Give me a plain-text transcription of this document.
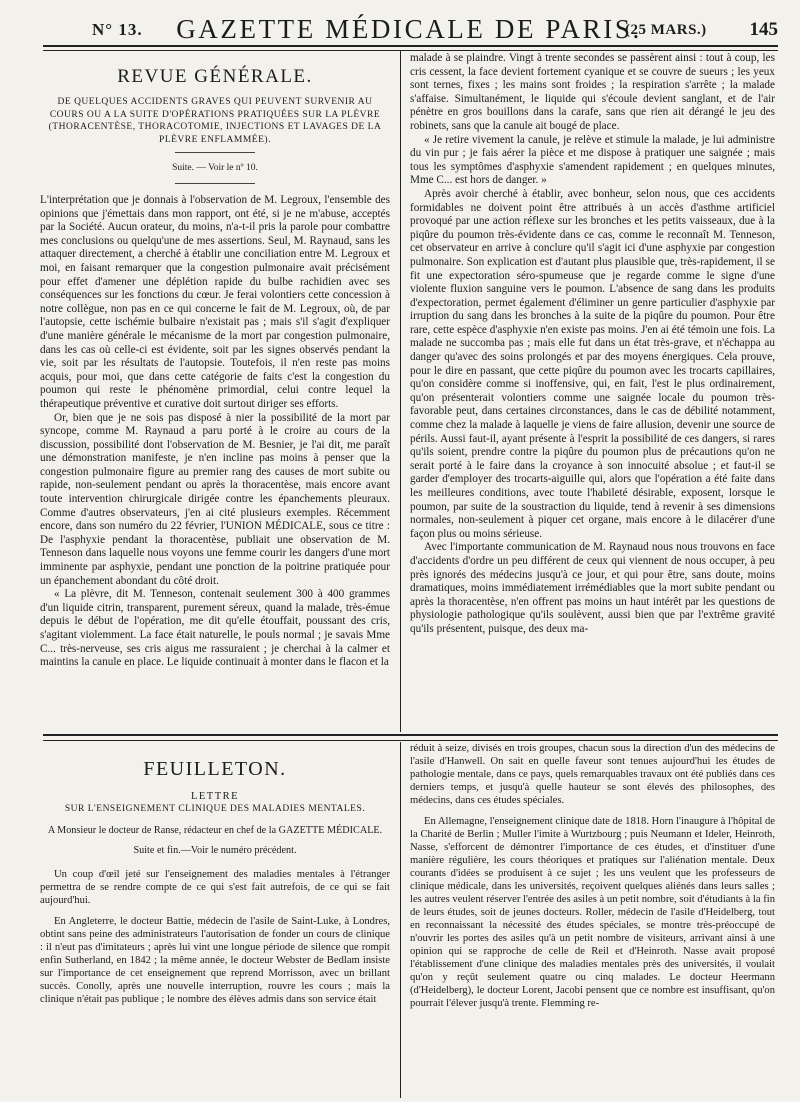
N° 13.	GAZETTE MÉDICALE DE PARIS.
(25 MARS.) 145
REVUE GÉNÉRALE.
DE QUELQUES ACCIDENTS GRAVES QUI PEUVENT SURVENIR AU COURS OU A LA SUITE D'OPÉRATIONS PRATIQUÉES SUR LA PLÈVRE (THORACENTÈSE, THORACOTOMIE, INJECTIONS ET LAVAGES DE LA PLÈVRE ENFLAMMÉE).
Suite. — Voir le nº 10.

L'interprétation que je donnais à l'observation de M. Legroux, l'ensemble des opinions que j'émettais dans mon rapport, ont été, si je ne m'abuse, acceptés par la Société. Aucun orateur, du moins, n'a-t-il pris la parole pour combattre mes conclusions ou quelqu'une de mes assertions. Seul, M. Raynaud, sans les attaquer directement, a cherché à établir une conciliation entre M. Legroux et moi, en faisant remarquer que la congestion pulmonaire avait précisément pour effet d'amener une déplétion rapide du bulbe rachidien avec ses conséquences sur les fonctions du cœur. Je ferai volontiers cette concession à notre collègue, non pas en ce qui concerne le fait de M. Legroux, où, de par l'autopsie, cette ischémie bulbaire n'existait pas ; mais s'il s'agit d'expliquer d'une manière générale le mécanisme de la mort par congestion pulmonaire, dans les cas où celle-ci est évidente, soit par les signes observés pendant la vie, soit par les résultats de l'autopsie. Toutefois, il n'en reste pas moins acquis, pour moi, que dans cette catégorie de faits c'est la congestion du poumon qui reste le phénomène primordial, celui contre lequel la thérapeutique préventive et curative doit surtout diriger ses efforts.

Or, bien que je ne sois pas disposé à nier la possibilité de la mort par syncope, comme M. Raynaud a paru porté à le croire au cours de la discussion, possibilité dont l'observation de M. Besnier, je l'ai dit, me paraît une démonstration manifeste, je n'en incline pas moins à penser que la congestion pulmonaire figure au premier rang des causes de mort subite ou rapide, non-seulement pendant ou après la thoracentèse, mais encore avant toute intervention chirurgicale dirigée contre les épanchements pleuraux. Comme d'autres observateurs, j'en ai cité plusieurs exemples. Récemment encore, dans son numéro du 22 février, l'UNION MÉDICALE, sous ce titre : De l'asphyxie pendant la thoracentèse, publiait une observation de M. Tenneson dans laquelle nous voyons une femme courir les dangers d'une mort imminente par asphyxie, pendant une ponction de la poitrine pratiquée pour un épanchement abondant du côté droit.

« La plèvre, dit M. Tenneson, contenait seulement 300 à 400 grammes d'un liquide citrin, transparent, purement séreux, quand la malade, très-émue depuis le début de l'opération, me dit qu'elle étouffait, poussant des cris, s'agitant violemment. La face était naturelle, le pouls normal ; je savais Mme C... très-nerveuse, ses cris aigus me rassuraient ; je cherchai à la calmer et maintins la canule en place. Le liquide continuait à monter dans le flacon et la

malade à se plaindre. Vingt à trente secondes se passèrent ainsi : tout à coup, les cris cessent, la face devient fortement cyanique et se couvre de sueurs ; les yeux sont ternes, fixes ; les mains sont froides ; la respiration s'arrête ; la malade s'affaise. Simultanément, le liquide qui s'écoule devient sanglant, et de l'air pénètre en gros bouillons dans la carafe, sans que rien ait dérangé le jeu des robinets, sans que la canule ait bougé de place.

« Je retire vivement la canule, je relève et stimule la malade, je lui administre du vin pur ; je fais aérer la pièce et me dispose à pratiquer une saignée ; mais tous les symptômes d'asphyxie s'amendent rapidement ; en quelques minutes, Mme C... est hors de danger. »

Après avoir cherché à établir, avec bonheur, selon nous, que ces accidents formidables ne doivent point être attribués à un accès d'asthme artificiel provoqué par une action réflexe sur les bronches et les petits vaisseaux, due à la piqûre du poumon très-évidente dans ce cas, comme le reconnaît M. Tenneson, cet observateur en arrive à conclure qu'il s'agit ici d'une asphyxie par congestion pulmonaire. Son explication est d'autant plus plausible que, très-rapidement, il se fit une expectoration séro-spumeuse que je regarde comme le signe d'une violente fluxion sanguine vers le poumon. L'absence de sang dans les produits d'expectoration, permet également d'éliminer un genre particulier d'asphyxie par irruption du sang dans les bronches à la suite de la piqûre du poumon. Pour être rare, cette espèce d'asphyxie n'en existe pas moins. J'en ai été témoin une fois. La malade ne succomba pas ; mais elle fut dans un état très-grave, et n'échappa au danger qu'avec des soins prolongés et par des moyens énergiques. Cela prouve, pour le dire en passant, que cette piqûre du poumon avec les trocarts capillaires, qu'on considère comme si inoffensive, qui, en fait, l'est le plus ordinairement, qu'on présenterait volontiers comme une saignée locale du poumon très-favorable peut, dans certaines circonstances, dans le cas de débilité notamment, comme chez la malade à laquelle je viens de faire allusion, devenir une source de périls. Aussi faut-il, ayant présente à l'esprit la possibilité de ces dangers, si rares qu'ils soient, prendre contre la piqûre du poumon plus de précautions qu'on ne serait porté à le faire dans la croyance à son innocuité absolue ; et faut-il se garder d'employer des trocarts-aiguille qui, alors que l'opération a été faite dans les meilleures conditions, avec toute l'habileté désirable, exposent, lorsque le poumon, par suite de la soustraction du liquide, tend à revenir à ses dimensions normales, non-seulement à piquer cet organe, mais encore à le dilacérer d'une façon plus ou moins sérieuse.

Avec l'importante communication de M. Raynaud nous nous trouvons en face d'accidents d'ordre un peu différent de ceux qui viennent de nous occuper, à peu près ignorés des médecins jusqu'à ce jour, et qui pour être, sans doute, moins dramatiques, moins immédiatement irrémédiables que la mort subite pendant ou après la thoracentèse, n'en offrent pas moins un haut intérêt par les questions de physiologie pathologique qu'ils soulèvent, aussi bien que par l'extrême gravité qu'ils présentent, puisque, des deux ma-

FEUILLETON.
LETTRE
SUR L'ENSEIGNEMENT CLINIQUE DES MALADIES MENTALES.
A Monsieur le docteur de Ranse, rédacteur en chef de la GAZETTE MÉDICALE.
Suite et fin.—Voir le numéro précédent.

Un coup d'œil jeté sur l'enseignement des maladies mentales à l'étranger permettra de se rendre compte de ce qui s'est fait autrefois, de ce qui se fait aujourd'hui.

En Angleterre, le docteur Battie, médecin de l'asile de Saint-Luke, à Londres, obtint sans peine des administrateurs l'autorisation de fonder un cours de clinique : il n'eut pas d'imitateurs ; après lui vint une longue période de silence que rompit enfin Sutherland, en 1842 ; la même année, le docteur Webster de Bedlam insiste sur l'importance de cet enseignement que reprend Morrisson, avec un brillant succès. Conolly, après une nouvelle interruption, rouvre les cours ; mais la clinique n'était pas publique ; le nombre des élèves admis dans son service était

réduit à seize, divisés en trois groupes, chacun sous la direction d'un des médecins de l'asile d'Hanwell. On sait en quelle faveur sont tenues aujourd'hui les études de pathologie mentale, dans ce pays, quels remarquables travaux ont été publiés dans ces derniers temps, et jusqu'à quelle hauteur se sont élevés des philosophes, des médecins, dans ces études spéciales.

En Allemagne, l'enseignement clinique date de 1818. Horn l'inaugure à l'hôpital de la Charité de Berlin ; Muller l'imite à Wurtzbourg ; puis Neumann et Ideler, Heinroth, Nasse, s'efforcent de démontrer l'importance de ces études, et d'instituer d'une manière régulière, les cours théoriques et pratiques sur l'aliénation mentale. Deux courants d'idées se produisent à ce sujet ; les uns veulent que les professeurs de clinique médicale, dans les universités, reçoivent quelques aliénés dans leurs salles ; les autres veulent réserver l'entrée des asiles à un petit nombre, soit d'étudiants à la fin de leurs études, soit de jeunes docteurs. Roller, médecin de l'asile d'Heidelberg, tout en reconnaissant la nécessité des études spéciales, se montre très-préoccupé de n'ouvrir les portes des asiles qu'à un petit nombre de visiteurs, arrivant ainsi à une opinion qui se rapproche de celle de Reil et d'Heinroth. Nasse avait proposé l'établissement d'une clinique des maladies mentales près des universités, il voulait qu'on y reçût seulement quatre ou cinq malades. Le docteur Heermann (d'Heidelberg), le docteur Lorent, Jacobi pensent que ce nombre est insuffisant, qu'on pourrait l'élever jusqu'à trente. Flemming re-
